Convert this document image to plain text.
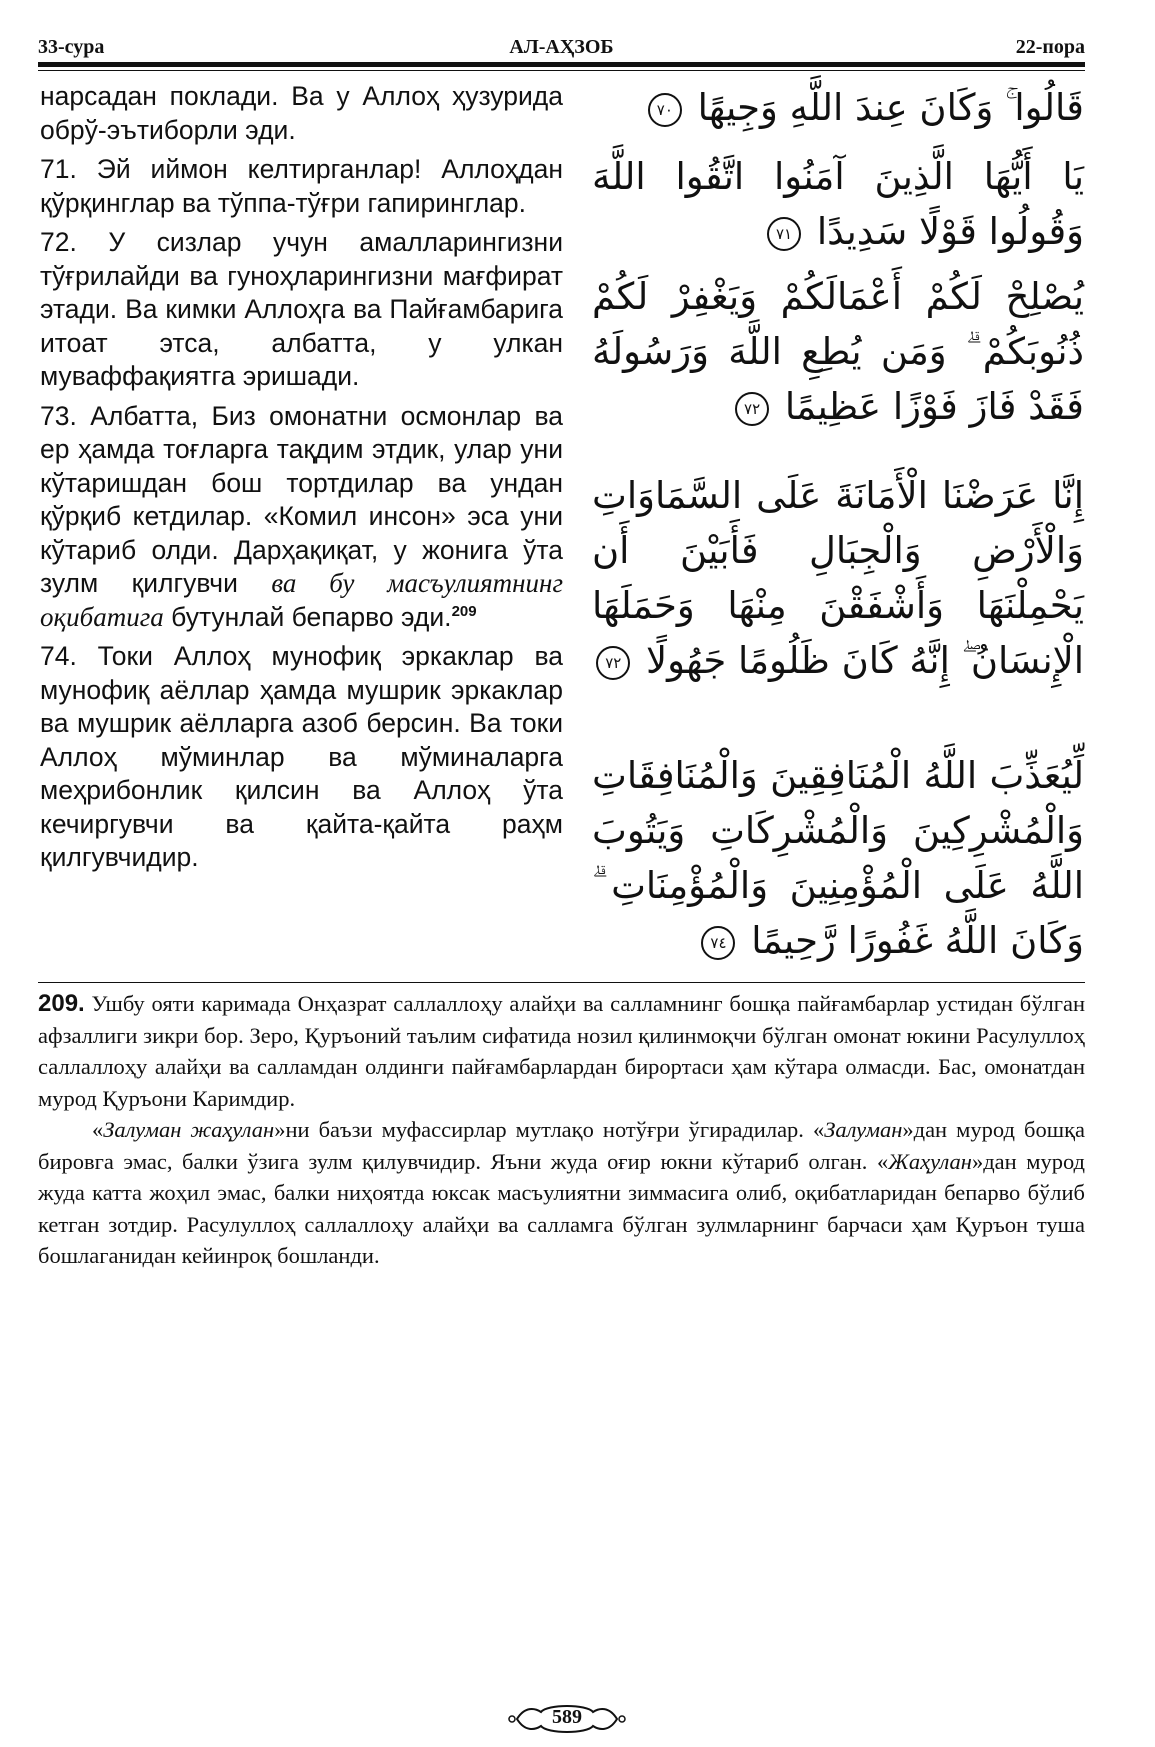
33-сура	АЛ-АҲЗОБ	22-пора

нарсадан поклади. Ва у Аллоҳ ҳузурида обрў-эътиборли эди.

71. Эй иймон келтирганлар! Аллоҳдан қўрқинглар ва тўппа-тўғри гапиринглар.

72. У сизлар учун амалларингизни тўғрилайди ва гуноҳларингизни мағфират этади. Ва кимки Аллоҳга ва Пайғамбарига итоат этса, албатта, у улкан муваффақиятга эришади.

73. Албатта, Биз омонатни осмонлар ва ер ҳамда тоғларга тақдим этдик, улар уни кўтаришдан бош тортдилар ва ундан қўрқиб кетдилар. «Комил инсон» эса уни кўтариб олди. Дарҳақиқат, у жонига ўта зулм қилгувчи ва бу масъулиятнинг оқибатига бутунлай бепарво эди.$^{209}$

74. Токи Аллоҳ мунофиқ эркаклар ва мунофиқ аёллар ҳамда мушрик эркаклар ва мушрик аёлларга азоб берсин. Ва токи Аллоҳ мўминлар ва мўминаларга меҳрибонлик қилсин ва Аллоҳ ўта кечиргувчи ва қайта-қайта раҳм қилгувчидир.

قَالُوا ۚ وَكَانَ عِندَ اللَّهِ وَجِيهًا ٧٠

يَا أَيُّهَا الَّذِينَ آمَنُوا اتَّقُوا اللَّهَ وَقُولُوا قَوْلًا سَدِيدًا ٧١

يُصْلِحْ لَكُمْ أَعْمَالَكُمْ وَيَغْفِرْ لَكُمْ ذُنُوبَكُمْ ۗ وَمَن يُطِعِ اللَّهَ وَرَسُولَهُ فَقَدْ فَازَ فَوْزًا عَظِيمًا ٧٢

إِنَّا عَرَضْنَا الْأَمَانَةَ عَلَى السَّمَاوَاتِ وَالْأَرْضِ وَالْجِبَالِ فَأَبَيْنَ أَن يَحْمِلْنَهَا وَأَشْفَقْنَ مِنْهَا وَحَمَلَهَا الْإِنسَانُ ۖ إِنَّهُ كَانَ ظَلُومًا جَهُولًا ٧٢

لِّيُعَذِّبَ اللَّهُ الْمُنَافِقِينَ وَالْمُنَافِقَاتِ وَالْمُشْرِكِينَ وَالْمُشْرِكَاتِ وَيَتُوبَ اللَّهُ عَلَى الْمُؤْمِنِينَ وَالْمُؤْمِنَاتِ ۗ وَكَانَ اللَّهُ غَفُورًا رَّحِيمًا ٧٤

209. Ушбу ояти каримада Онҳазрат саллаллоҳу алайҳи ва салламнинг бошқа пайғамбарлар устидан бўлган афзаллиги зикри бор. Зеро, Қуръоний таълим сифатида нозил қилинмоқчи бўлган омонат юкини Расулуллоҳ саллаллоҳу алайҳи ва салламдан олдинги пайғамбарлардан бирортаси ҳам кўтара олмасди. Бас, омонатдан мурод Қуръони Каримдир.

«Залуман жаҳулан»ни баъзи муфассирлар мутлақо нотўғри ўгирадилар. «Залуман»дан мурод бошқа бировга эмас, балки ўзига зулм қилувчидир. Яъни жуда оғир юкни кўтариб олган. «Жаҳулан»дан мурод жуда катта жоҳил эмас, балки ниҳоятда юксак масъулиятни зиммасига олиб, оқибатларидан бепарво бўлиб кетган зотдир. Расулуллоҳ саллаллоҳу алайҳи ва салламга бўлган зулмларнинг барчаси ҳам Қуръон туша бошлаганидан кейинроқ бошланди.

589
